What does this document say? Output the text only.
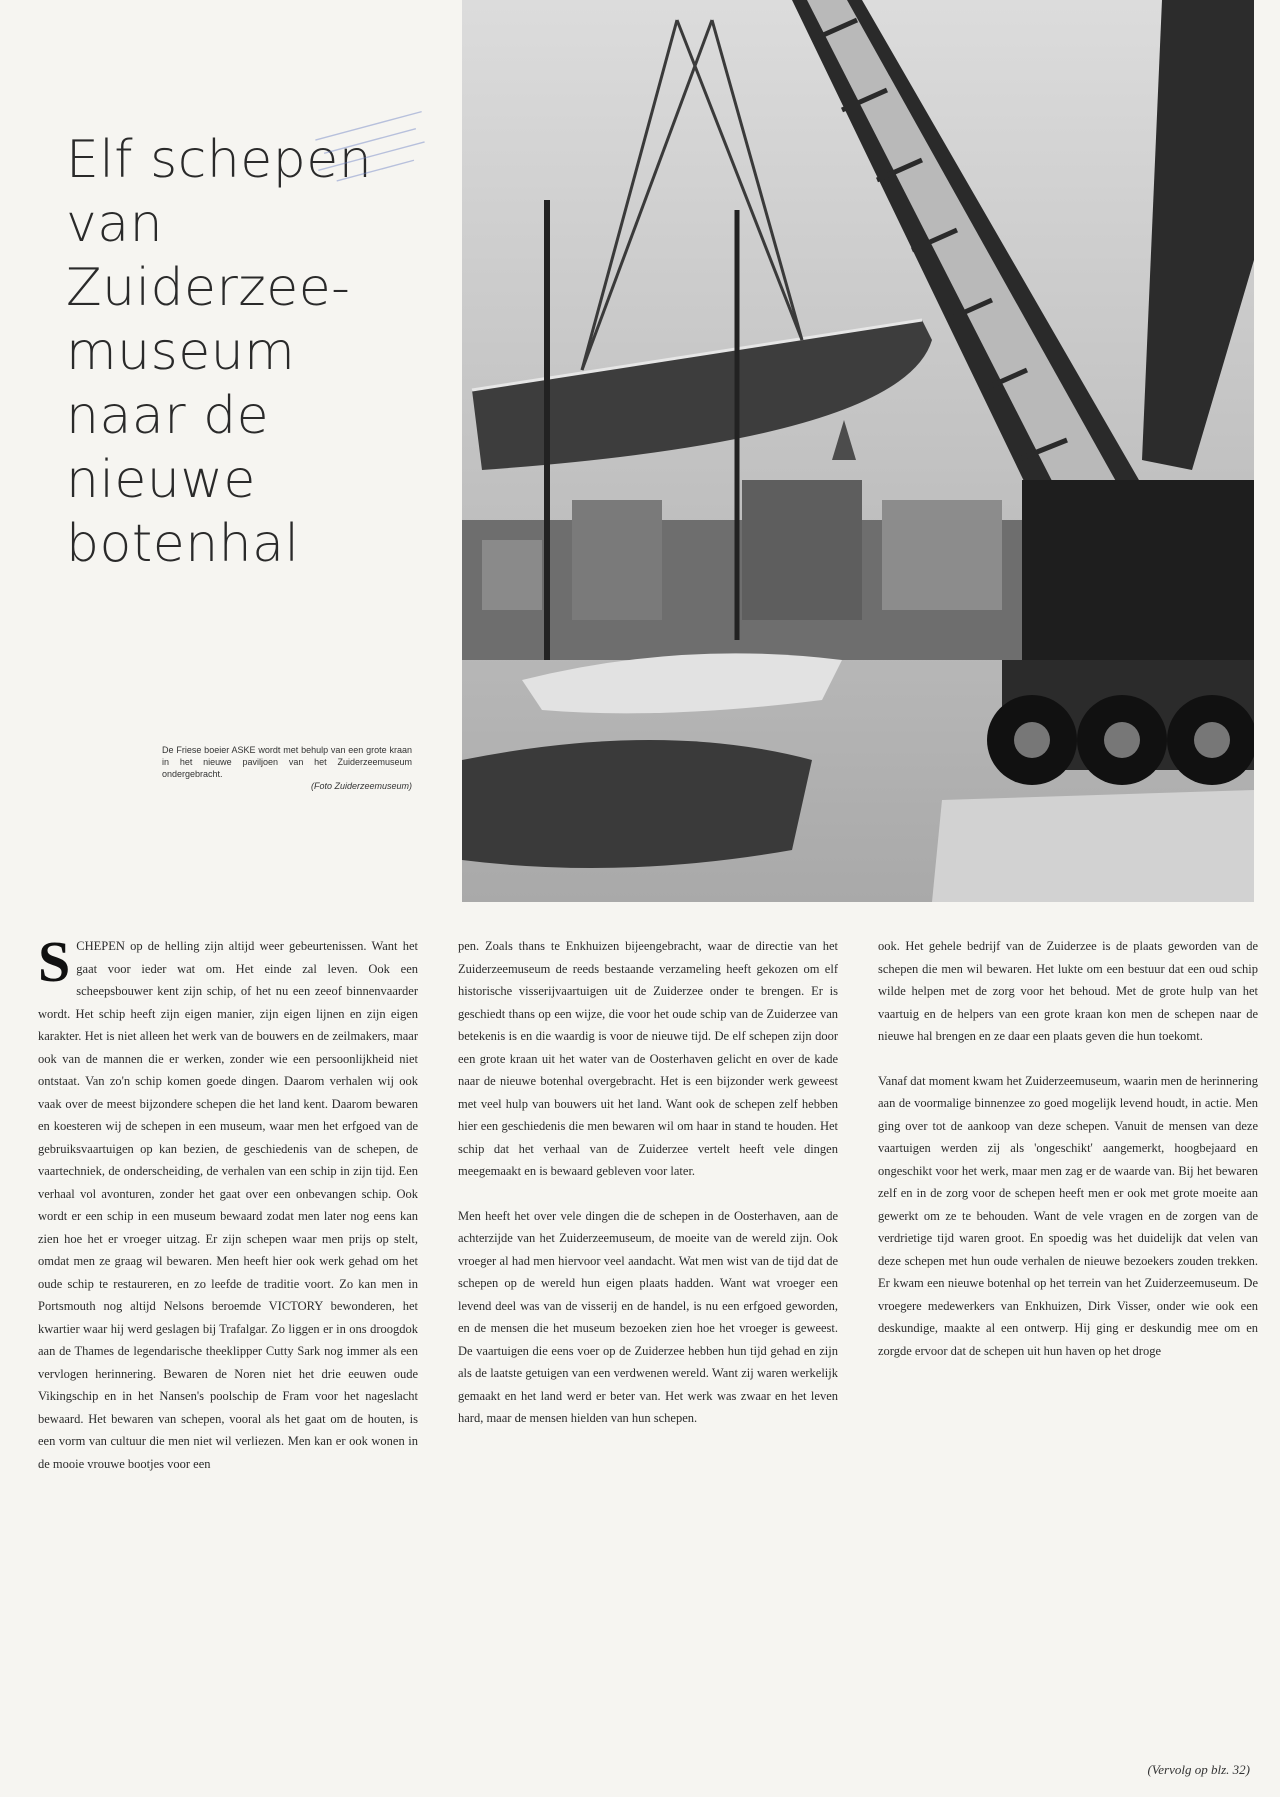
Elf schepen
van
Zuiderzee-
museum
naar de
nieuwe
botenhal
De Friese boeier ASKE wordt met behulp van een grote kraan in het nieuwe paviljoen van het Zuiderzeemuseum ondergebracht.
(Foto Zuiderzeemuseum)

SCHEPEN op de helling zijn altijd weer gebeurtenissen. Want het gaat voor ieder wat om. Het einde zal leven. Ook een scheepsbouwer kent zijn schip, of het nu een zeeof binnenvaarder wordt. Het schip heeft zijn eigen manier, zijn eigen lijnen en zijn eigen karakter. Het is niet alleen het werk van de bouwers en de zeilmakers, maar ook van de mannen die er werken, zonder wie een persoonlijkheid niet ontstaat. Van zo'n schip komen goede dingen. Daarom verhalen wij ook vaak over de meest bijzondere schepen die het land kent. Daarom bewaren en koesteren wij de schepen in een museum, waar men het erfgoed van de gebruiksvaartuigen op kan bezien, de geschiedenis van de schepen, de vaartechniek, de onderscheiding, de verhalen van een schip in zijn tijd. Een verhaal vol avonturen, zonder het gaat over een onbevangen schip. Ook wordt er een schip in een museum bewaard zodat men later nog eens kan zien hoe het er vroeger uitzag. Er zijn schepen waar men prijs op stelt, omdat men ze graag wil bewaren. Men heeft hier ook werk gehad om het oude schip te restaureren, en zo leefde de traditie voort. Zo kan men in Portsmouth nog altijd Nelsons beroemde VICTORY bewonderen, het kwartier waar hij werd geslagen bij Trafalgar. Zo liggen er in ons droogdok aan de Thames de legendarische theeklipper Cutty Sark nog immer als een vervlogen herinnering. Bewaren de Noren niet het drie eeuwen oude Vikingschip en in het Nansen's poolschip de Fram voor het nageslacht bewaard. Het bewaren van schepen, vooral als het gaat om de houten, is een vorm van cultuur die men niet wil verliezen. Men kan er ook wonen in de mooie vrouwe bootjes voor een

pen. Zoals thans te Enkhuizen bijeengebracht, waar de directie van het Zuiderzeemuseum de reeds bestaande verzameling heeft gekozen om elf historische visserijvaartuigen uit de Zuiderzee onder te brengen. Er is geschiedt thans op een wijze, die voor het oude schip van de Zuiderzee van betekenis is en die waardig is voor de nieuwe tijd. De elf schepen zijn door een grote kraan uit het water van de Oosterhaven gelicht en over de kade naar de nieuwe botenhal overgebracht. Het is een bijzonder werk geweest met veel hulp van bouwers uit het land. Want ook de schepen zelf hebben hier een geschiedenis die men bewaren wil om haar in stand te houden. Het schip dat het verhaal van de Zuiderzee vertelt heeft vele dingen meegemaakt en is bewaard gebleven voor later.

Men heeft het over vele dingen die de schepen in de Oosterhaven, aan de achterzijde van het Zuiderzeemuseum, de moeite van de wereld zijn. Ook vroeger al had men hiervoor veel aandacht. Wat men wist van de tijd dat de schepen op de wereld hun eigen plaats hadden. Want wat vroeger een levend deel was van de visserij en de handel, is nu een erfgoed geworden, en de mensen die het museum bezoeken zien hoe het vroeger is geweest. De vaartuigen die eens voer op de Zuiderzee hebben hun tijd gehad en zijn als de laatste getuigen van een verdwenen wereld. Want zij waren werkelijk gemaakt en het land werd er beter van. Het werk was zwaar en het leven hard, maar de mensen hielden van hun schepen.

ook. Het gehele bedrijf van de Zuiderzee is de plaats geworden van de schepen die men wil bewaren. Het lukte om een bestuur dat een oud schip wilde helpen met de zorg voor het behoud. Met de grote hulp van het vaartuig en de helpers van een grote kraan kon men de schepen naar de nieuwe hal brengen en ze daar een plaats geven die hun toekomt.

Vanaf dat moment kwam het Zuiderzeemuseum, waarin men de herinnering aan de voormalige binnenzee zo goed mogelijk levend houdt, in actie. Men ging over tot de aankoop van deze schepen. Vanuit de mensen van deze vaartuigen werden zij als 'ongeschikt' aangemerkt, hoogbejaard en ongeschikt voor het werk, maar men zag er de waarde van. Bij het bewaren zelf en in de zorg voor de schepen heeft men er ook met grote moeite aan gewerkt om ze te behouden. Want de vele vragen en de zorgen van de verdrietige tijd waren groot. En spoedig was het duidelijk dat velen van deze schepen met hun oude verhalen de nieuwe bezoekers zouden trekken. Er kwam een nieuwe botenhal op het terrein van het Zuiderzeemuseum. De vroegere medewerkers van Enkhuizen, Dirk Visser, onder wie ook een deskundige, maakte al een ontwerp. Hij ging er deskundig mee om en zorgde ervoor dat de schepen uit hun haven op het droge

(Vervolg op blz. 32)
